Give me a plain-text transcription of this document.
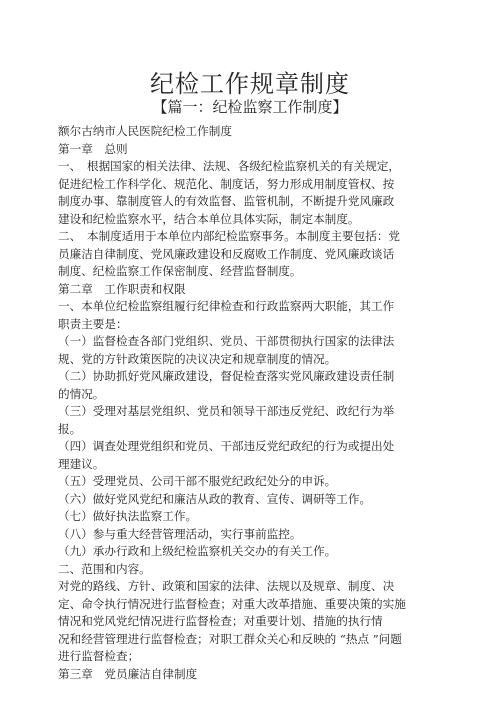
纪检工作规章制度
【篇一：纪检监察工作制度】
额尔古纳市人民医院纪检工作制度
第一章　总则
一、　根据国家的相关法律、法规、各级纪检监察机关的有关规定，
促进纪检工作科学化、规范化、制度话，努力形成用制度管权、按
制度办事、靠制度管人的有效监督、监管机制，不断提升党风廉政
建设和纪检监察水平，结合本单位具体实际，制定本制度。
二、　本制度适用于本单位内部纪检监察事务。本制度主要包括：党
员廉洁自律制度、党风廉政建设和反腐败工作制度、党风廉政谈话
制度、纪检监察工作保密制度、经营监督制度。
第二章　工作职责和权限
一、本单位纪检监察组履行纪律检查和行政监察两大职能，其工作
职责主要是：
（一）监督检查各部门党组织、党员、干部贯彻执行国家的法律法
规、党的方针政策医院的决议决定和规章制度的情况。
（二）协助抓好党风廉政建设，督促检查落实党风廉政建设责任制
的情况。
（三）受理对基层党组织、党员和领导干部违反党纪、政纪行为举
报。
（四）调查处理党组织和党员、干部违反党纪政纪的行为或提出处
理建议。
（五）受理党员、公司干部不服党纪政纪处分的申诉。
（六）做好党风党纪和廉洁从政的教育、宣传、调研等工作。
（七）做好执法监察工作。
（八）参与重大经营管理活动，实行事前监控。
（九）承办行政和上级纪检监察机关交办的有关工作。
二、范围和内容。
对党的路线、方针、政策和国家的法律、法规以及规章、制度、决
定、命令执行情况进行监督检查；对重大改革措施、重要决策的实施
情况和党风党纪情况进行监督检查；对重要计划、措施的执行情
况和经营管理进行监督检查；对职工群众关心和反映的 “热点 ”问题
进行监督检查；
第三章　党员廉洁自律制度
